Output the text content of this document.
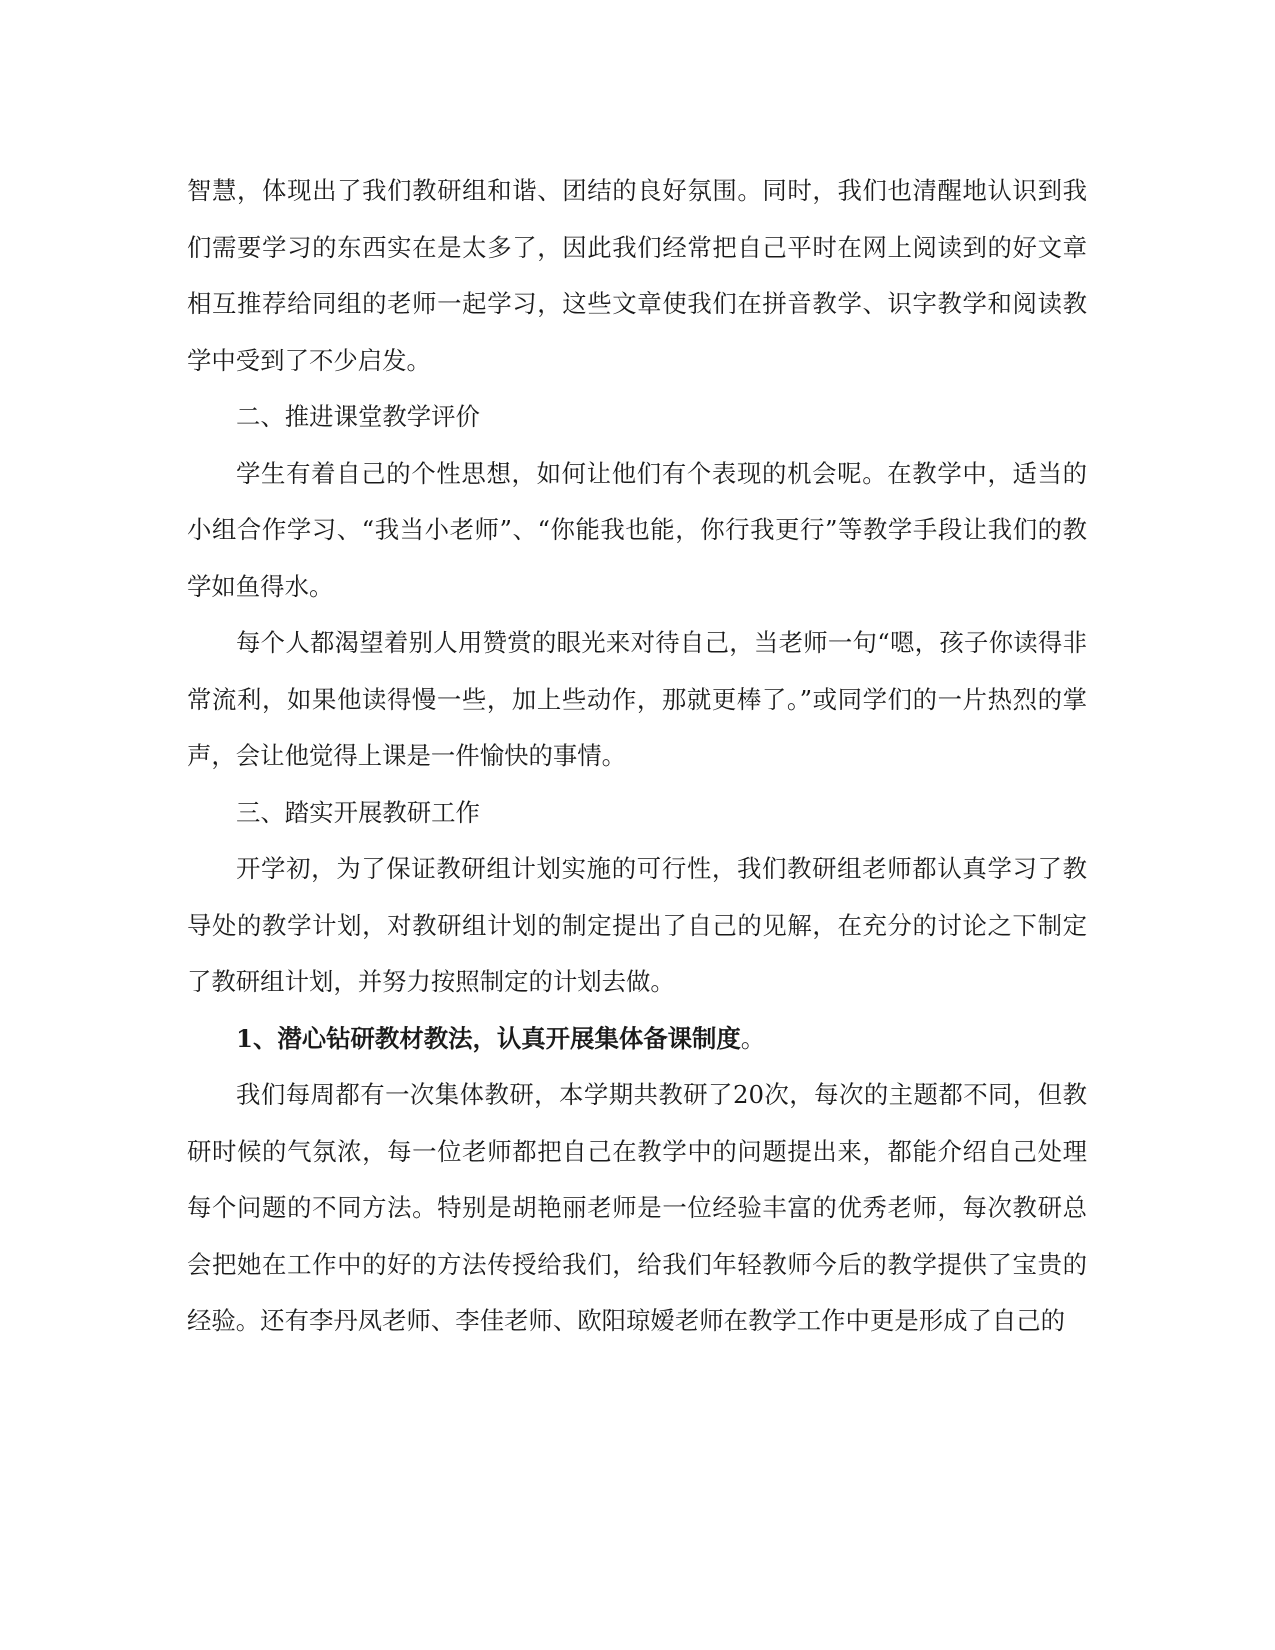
智慧，体现出了我们教研组和谐、团结的良好氛围。同时，我们也清醒地认识到我们需要学习的东西实在是太多了，因此我们经常把自己平时在网上阅读到的好文章相互推荐给同组的老师一起学习，这些文章使我们在拼音教学、识字教学和阅读教学中受到了不少启发。

二、推进课堂教学评价

学生有着自己的个性思想，如何让他们有个表现的机会呢。在教学中，适当的小组合作学习、“我当小老师”、“你能我也能，你行我更行”等教学手段让我们的教学如鱼得水。

每个人都渴望着别人用赞赏的眼光来对待自己，当老师一句“嗯，孩子你读得非常流利，如果他读得慢一些，加上些动作，那就更棒了。”或同学们的一片热烈的掌声，会让他觉得上课是一件愉快的事情。

三、踏实开展教研工作

开学初，为了保证教研组计划实施的可行性，我们教研组老师都认真学习了教导处的教学计划，对教研组计划的制定提出了自己的见解，在充分的讨论之下制定了教研组计划，并努力按照制定的计划去做。

1、潜心钻研教材教法，认真开展集体备课制度。

我们每周都有一次集体教研，本学期共教研了20次，每次的主题都不同，但教研时候的气氛浓，每一位老师都把自己在教学中的问题提出来，都能介绍自己处理每个问题的不同方法。特别是胡艳丽老师是一位经验丰富的优秀老师，每次教研总会把她在工作中的好的方法传授给我们，给我们年轻教师今后的教学提供了宝贵的经验。还有李丹凤老师、李佳老师、欧阳琼嫒老师在教学工作中更是形成了自己的
